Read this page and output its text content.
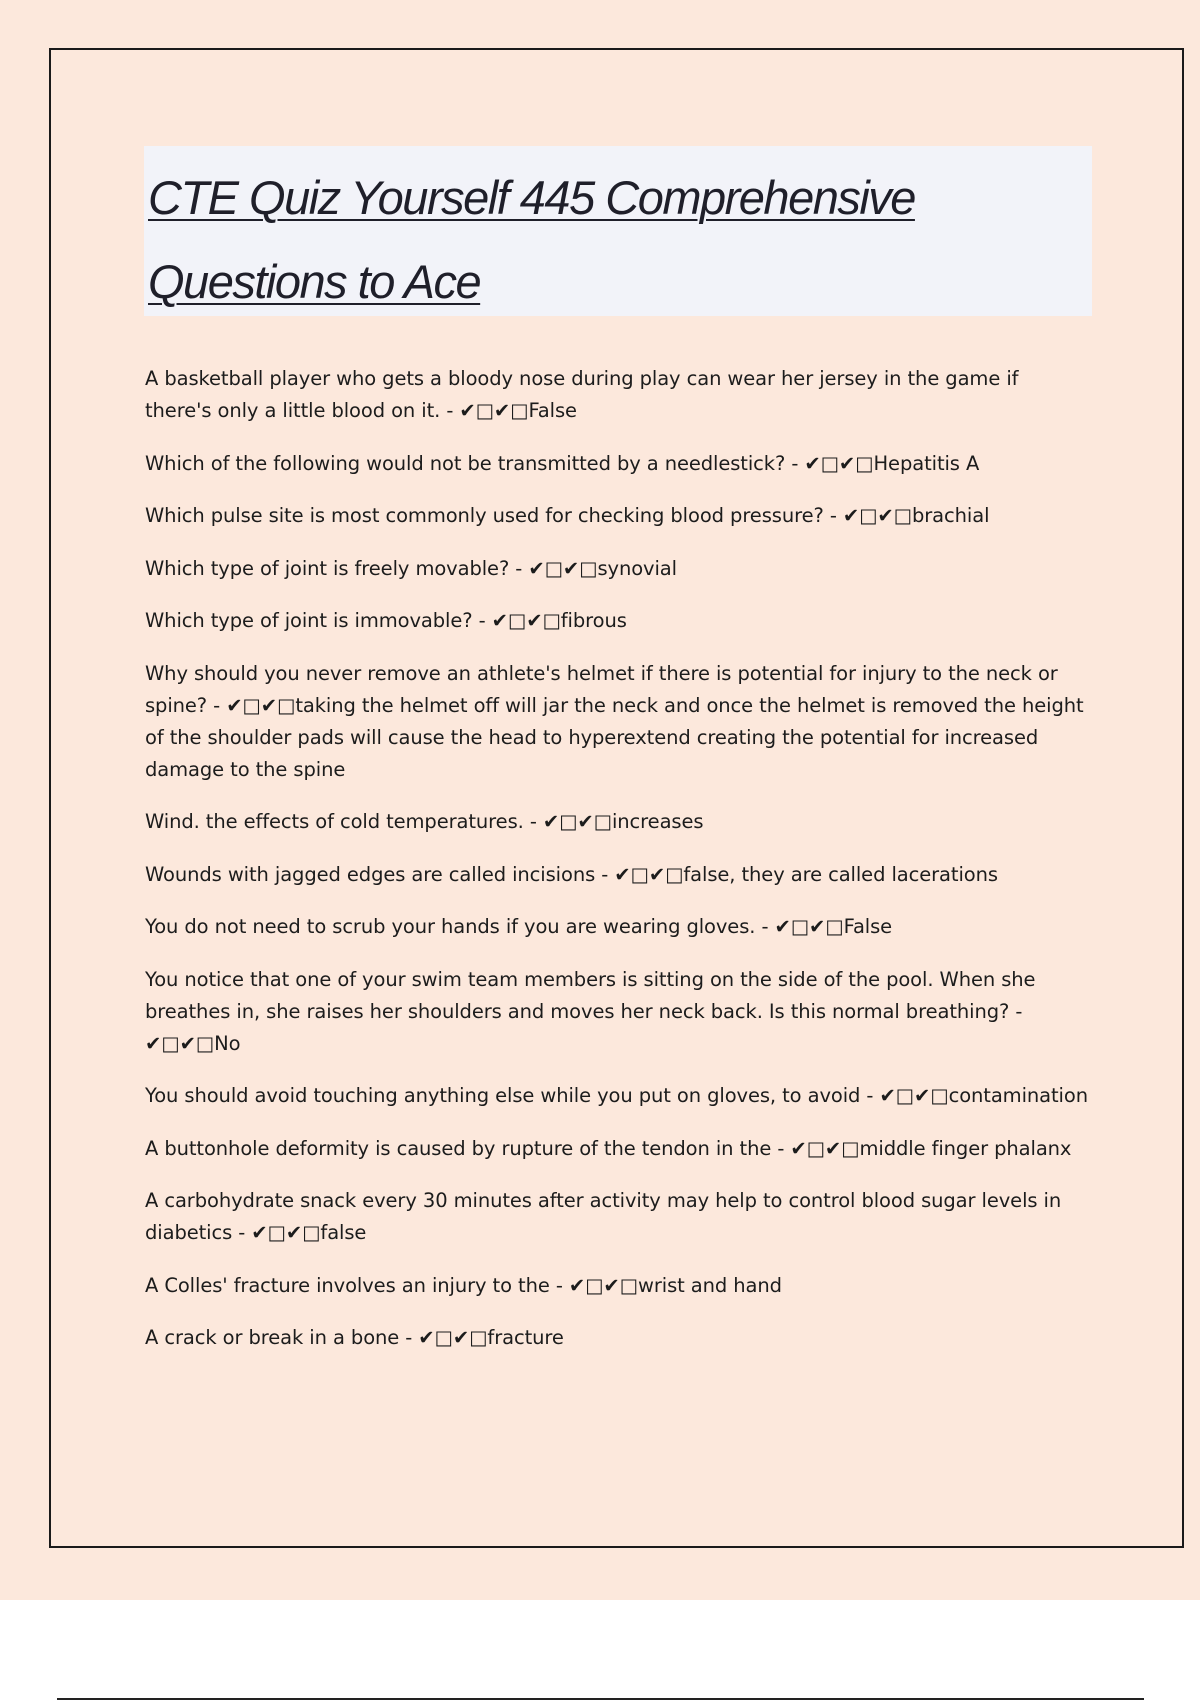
CTE Quiz Yourself 445 Comprehensive
Questions to Ace
A basketball player who gets a bloody nose during play can wear her jersey in the game if there's only a little blood on it. - ✔□✔□False
Which of the following would not be transmitted by a needlestick? - ✔□✔□Hepatitis A
Which pulse site is most commonly used for checking blood pressure? - ✔□✔□brachial
Which type of joint is freely movable? - ✔□✔□synovial
Which type of joint is immovable? - ✔□✔□fibrous
Why should you never remove an athlete's helmet if there is potential for injury to the neck or spine? - ✔□✔□taking the helmet off will jar the neck and once the helmet is removed the height of the shoulder pads will cause the head to hyperextend creating the potential for increased damage to the spine
Wind. the effects of cold temperatures. - ✔□✔□increases
Wounds with jagged edges are called incisions - ✔□✔□false, they are called lacerations
You do not need to scrub your hands if you are wearing gloves. - ✔□✔□False
You notice that one of your swim team members is sitting on the side of the pool. When she breathes in, she raises her shoulders and moves her neck back. Is this normal breathing? - ✔□✔□No
You should avoid touching anything else while you put on gloves, to avoid - ✔□✔□contamination
A buttonhole deformity is caused by rupture of the tendon in the - ✔□✔□middle finger phalanx
A carbohydrate snack every 30 minutes after activity may help to control blood sugar levels in diabetics - ✔□✔□false
A Colles' fracture involves an injury to the - ✔□✔□wrist and hand
A crack or break in a bone - ✔□✔□fracture
